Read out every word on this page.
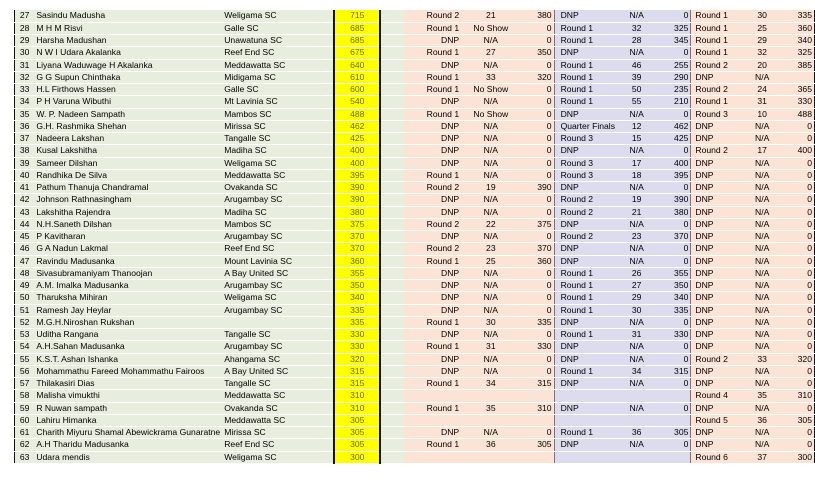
27	Sasindu Madusha	Weligama SC		715		Round 2	21	380	DNP	N/A	0	Round 1	30	335
28	M H M Risvi	Galle SC		685		Round 1	No Show	0	Round 1	32	325	Round 1	25	360
29	Harsha Madushan	Unawatuna SC		685		DNP	N/A	0	Round 1	28	345	Round 1	29	340
30	N W I Udara Akalanka	Reef End SC		675		Round 1	27	350	DNP	N/A	0	Round 1	32	325
31	Liyana Waduwage H Akalanka	Meddawatta SC		640		DNP	N/A	0	Round 1	46	255	Round 2	20	385
32	G G Supun Chinthaka	Midigama SC		610		Round 1	33	320	Round 1	39	290	DNP	N/A	
33	H.L Firthows Hassen	Galle SC		600		Round 1	No Show	0	Round 1	50	235	Round 2	24	365
34	P H Varuna Wibuthi	Mt Lavinia SC		540		DNP	N/A	0	Round 1	55	210	Round 1	31	330
35	W. P. Nadeen Sampath	Mambos SC		488		Round 1	No Show	0	DNP	N/A	0	Round 3	10	488
36	G.H. Rashmika Shehan	Mirissa SC		462		DNP	N/A	0	Quarter Finals	12	462	DNP	N/A	0
37	Nadeera Lakshan	Tangalle SC		425		DNP	N/A	0	Round 3	15	425	DNP	N/A	0
38	Kusal Lakshitha	Madiha SC		400		DNP	N/A	0	DNP	N/A	0	Round 2	17	400
39	Sameer Dilshan	Weligama SC		400		DNP	N/A	0	Round 3	17	400	DNP	N/A	0
40	Randhika De Silva	Meddawatta SC		395		Round 1	N/A	0	Round 3	18	395	DNP	N/A	0
41	Pathum Thanuja Chandramal	Ovakanda SC		390		Round 2	19	390	DNP	N/A	0	DNP	N/A	0
42	Johnson Rathnasingham	Arugambay SC		390		DNP	N/A	0	Round 2	19	390	DNP	N/A	0
43	Lakshitha Rajendra	Madiha SC		380		DNP	N/A	0	Round 2	21	380	DNP	N/A	0
44	N.H.Saneth Dilshan	Mambos SC		375		Round 2	22	375	DNP	N/A	0	DNP	N/A	0
45	P Kavitharan	Arugambay SC		370		DNP	N/A	0	Round 2	23	370	DNP	N/A	0
46	G A Nadun Lakmal	Reef End SC		370		Round 2	23	370	DNP	N/A	0	DNP	N/A	0
47	Ravindu Madusanka	Mount Lavinia SC		360		Round 1	25	360	DNP	N/A	0	DNP	N/A	0
48	Sivasubramaniyam Thanoojan	A Bay United SC		355		DNP	N/A	0	Round 1	26	355	DNP	N/A	0
49	A.M. Imalka Madusanka	Arugambay SC		350		DNP	N/A	0	Round 1	27	350	DNP	N/A	0
50	Tharuksha Mihiran	Weligama SC		340		DNP	N/A	0	Round 1	29	340	DNP	N/A	0
51	Ramesh Jay Heylar	Arugambay SC		335		DNP	N/A	0	Round 1	30	335	DNP	N/A	0
52	M.G.H.Niroshan Rukshan			335		Round 1	30	335	DNP	N/A	0	DNP	N/A	0
53	Uditha Rangana	Tangalle SC		330		DNP	N/A	0	Round 1	31	330	DNP	N/A	0
54	A.H.Sahan Madusanka	Arugambay SC		330		Round 1	31	330	DNP	N/A	0	DNP	N/A	0
55	K.S.T. Ashan Ishanka	Ahangama SC		320		DNP	N/A	0	DNP	N/A	0	Round 2	33	320
56	Mohammathu Fareed Mohammathu Fairoos	A Bay United SC		315		DNP	N/A	0	Round 1	34	315	DNP	N/A	0
57	Thilakasiri Dias	Tangalle SC		315		Round 1	34	315	DNP	N/A	0	DNP	N/A	0
58	Malisha vimukthi	Meddawatta SC		310								Round 4	35	310
59	R Nuwan sampath	Ovakanda SC		310		Round 1	35	310	DNP	N/A	0	DNP	N/A	0
60	Lahiru Himanka	Meddawatta SC		305								Round 5	36	305
61	Charith Miyuru Shamal Abewickrama Gunaratne	Mirissa SC		305		DNP	N/A	0	Round 1	36	305	DNP	N/A	0
62	A.H Tharidu Madusanka	Reef End SC		305		Round 1	36	305	DNP	N/A	0	DNP	N/A	0
63	Udara mendis	Weligama SC		300								Round 6	37	300
